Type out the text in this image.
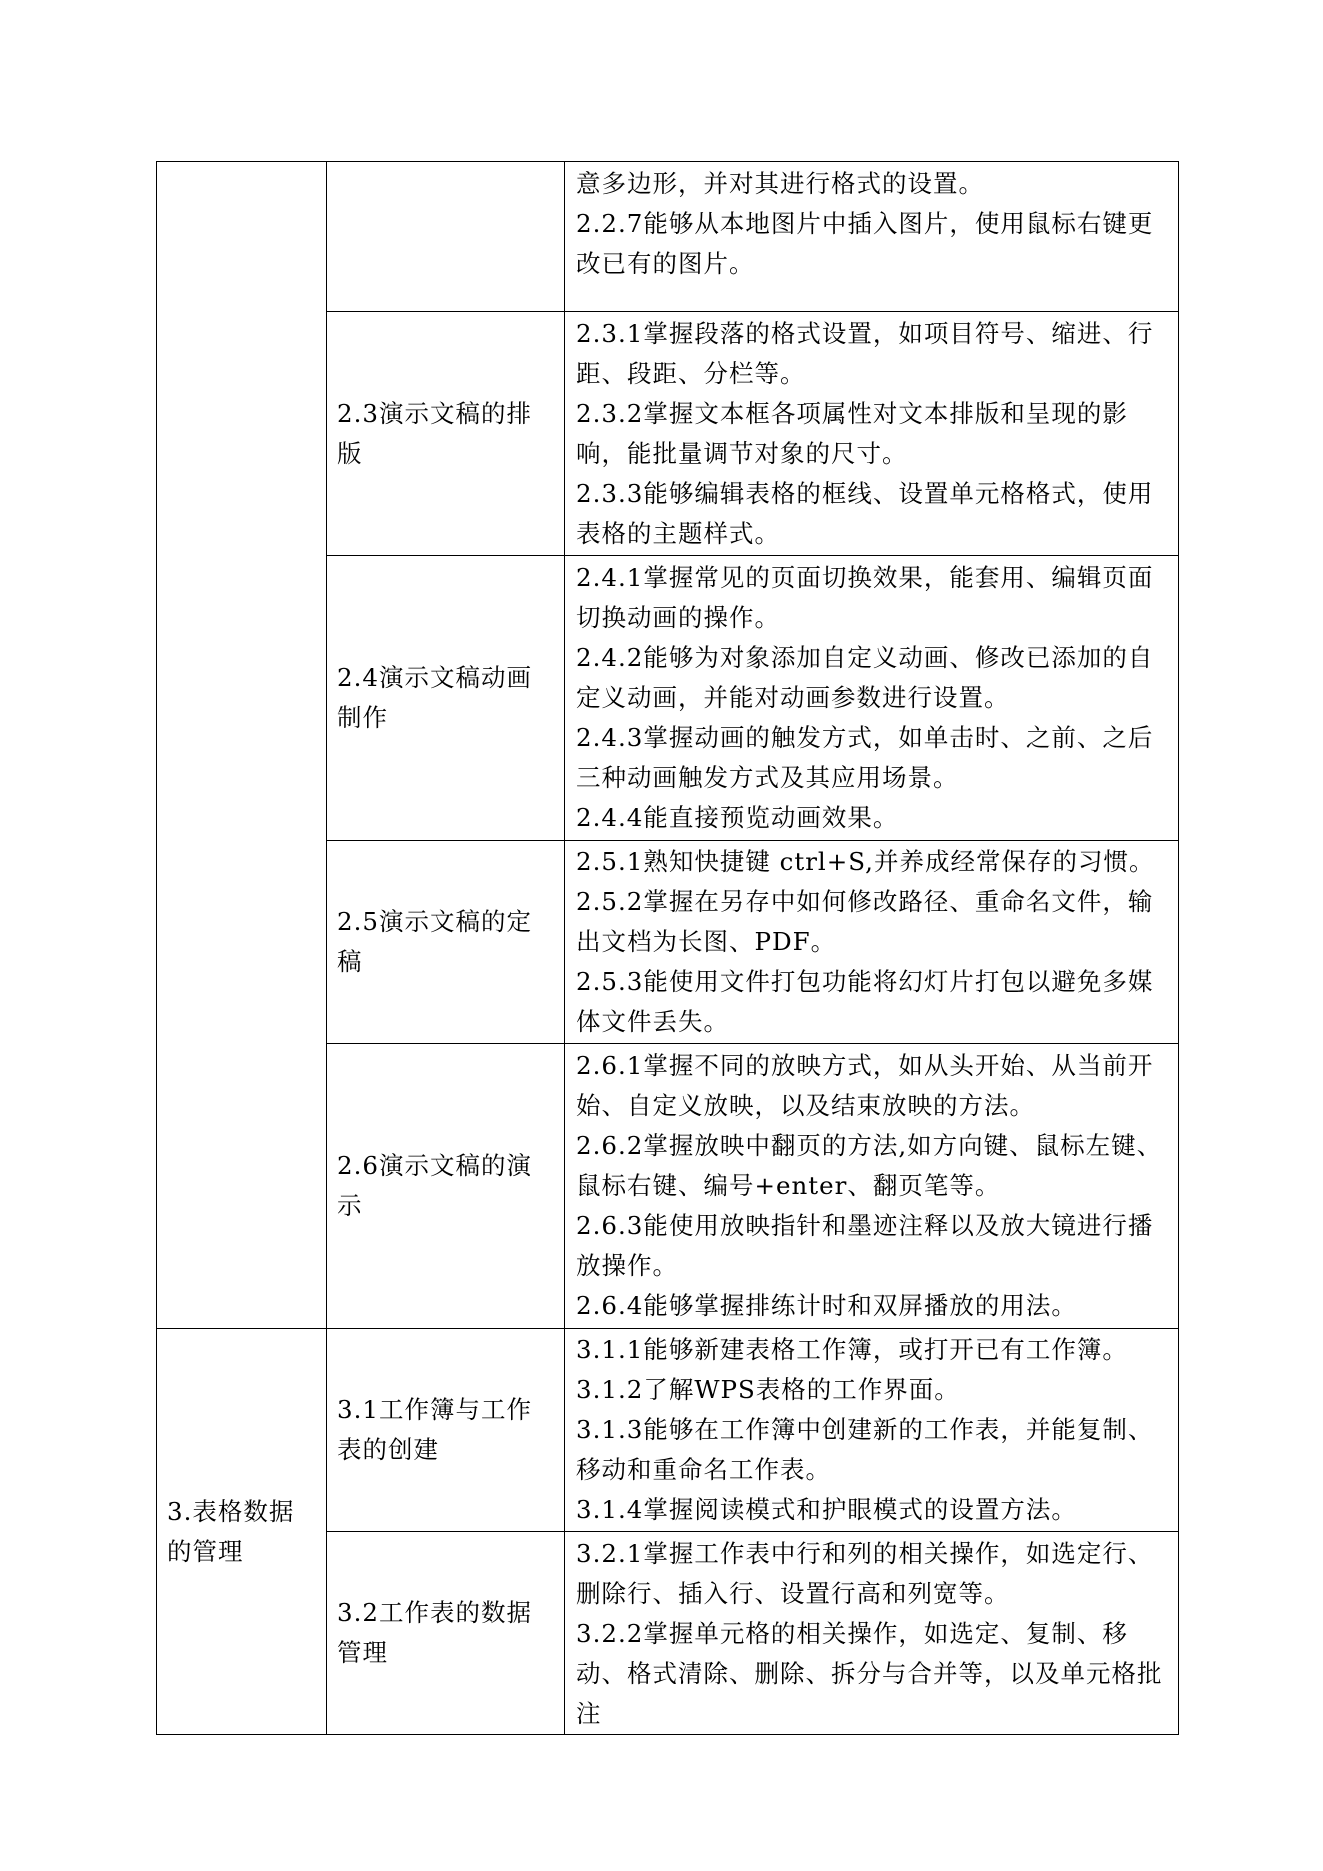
		意多边形，并对其进行格式的设置。
2.2.7能够从本地图片中插入图片，使用鼠标右键更改已有的图片。

	2.3演示文稿的排版	2.3.1掌握段落的格式设置，如项目符号、缩进、行距、段距、分栏等。
2.3.2掌握文本框各项属性对文本排版和呈现的影响，能批量调节对象的尺寸。
2.3.3能够编辑表格的框线、设置单元格格式，使用表格的主题样式。

	2.4演示文稿动画制作	2.4.1掌握常见的页面切换效果，能套用、编辑页面切换动画的操作。
2.4.2能够为对象添加自定义动画、修改已添加的自定义动画，并能对动画参数进行设置。
2.4.3掌握动画的触发方式，如单击时、之前、之后三种动画触发方式及其应用场景。
2.4.4能直接预览动画效果。

	2.5演示文稿的定稿	2.5.1熟知快捷键 ctrl+S,并养成经常保存的习惯。
2.5.2掌握在另存中如何修改路径、重命名文件，输出文档为长图、PDF。
2.5.3能使用文件打包功能将幻灯片打包以避免多媒体文件丢失。

	2.6演示文稿的演示	2.6.1掌握不同的放映方式，如从头开始、从当前开始、自定义放映，以及结束放映的方法。
2.6.2掌握放映中翻页的方法,如方向键、鼠标左键、鼠标右键、编号+enter、翻页笔等。
2.6.3能使用放映指针和墨迹注释以及放大镜进行播放操作。
2.6.4能够掌握排练计时和双屏播放的用法。

3.表格数据的管理	3.1工作簿与工作表的创建	3.1.1能够新建表格工作簿，或打开已有工作簿。
3.1.2了解WPS表格的工作界面。
3.1.3能够在工作簿中创建新的工作表，并能复制、移动和重命名工作表。
3.1.4掌握阅读模式和护眼模式的设置方法。

	3.2工作表的数据管理	3.2.1掌握工作表中行和列的相关操作，如选定行、删除行、插入行、设置行高和列宽等。
3.2.2掌握单元格的相关操作，如选定、复制、移动、格式清除、删除、拆分与合并等，以及单元格批注
